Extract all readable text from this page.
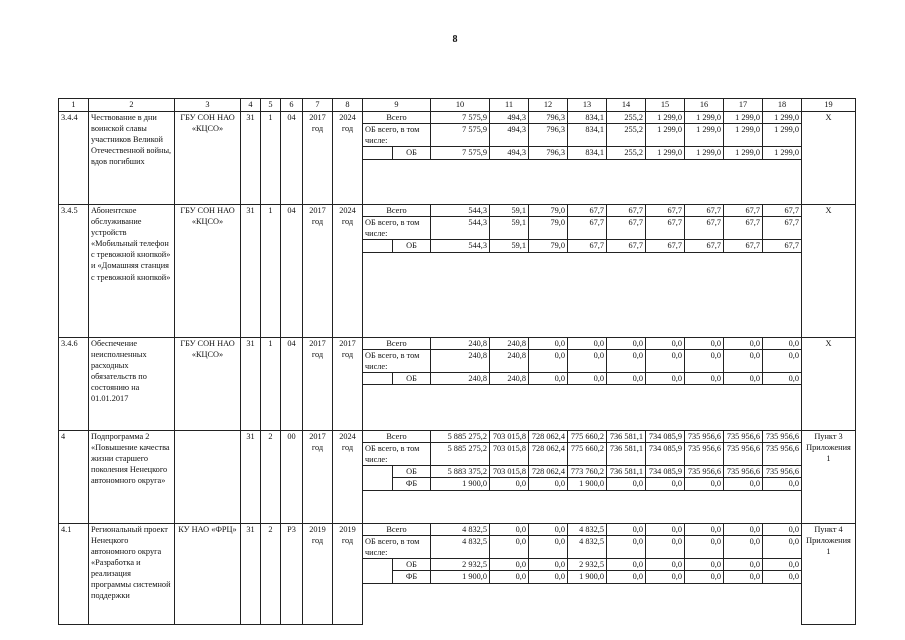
8
1	2	3	4	5	6	7	8	9		10	11	12	13	14	15	16	17	18	19
3.4.4	Чествование в дни воинской славы участников Великой Отечественной войны, вдов погибших	ГБУ СОН НАО «КЦСО»	31	1	04	2017 год	2024 год	Всего		7 575,9	494,3	796,3	834,1	255,2	1 299,0	1 299,0	1 299,0	1 299,0	X
								ОБ всего, в том числе:		7 575,9	494,3	796,3	834,1	255,2	1 299,0	1 299,0	1 299,0	1 299,0	
									ОБ	7 575,9	494,3	796,3	834,1	255,2	1 299,0	1 299,0	1 299,0	1 299,0	

3.4.5	Абонентское обслуживание устройств «Мобильный телефон с тревожной кнопкой» и «Домашняя станция с тревожной кнопкой»	ГБУ СОН НАО «КЦСО»	31	1	04	2017 год	2024 год	Всего		544,3	59,1	79,0	67,7	67,7	67,7	67,7	67,7	67,7	X
								ОБ всего, в том числе:		544,3	59,1	79,0	67,7	67,7	67,7	67,7	67,7	67,7	
									ОБ	544,3	59,1	79,0	67,7	67,7	67,7	67,7	67,7	67,7	

3.4.6	Обеспечение неисполненных расходных обязательств по состоянию на 01.01.2017	ГБУ СОН НАО «КЦСО»	31	1	04	2017 год	2017 год	Всего		240,8	240,8	0,0	0,0	0,0	0,0	0,0	0,0	0,0	X
								ОБ всего, в том числе:		240,8	240,8	0,0	0,0	0,0	0,0	0,0	0,0	0,0	
									ОБ	240,8	240,8	0,0	0,0	0,0	0,0	0,0	0,0	0,0	

4	Подпрограмма 2 «Повышение качества жизни старшего поколения Ненецкого автономного округа»		31	2	00	2017 год	2024 год	Всего		5 885 275,2	703 015,8	728 062,4	775 660,2	736 581,1	734 085,9	735 956,6	735 956,6	735 956,6	Пункт 3 Приложения 1
								ОБ всего, в том числе:		5 885 275,2	703 015,8	728 062,4	775 660,2	736 581,1	734 085,9	735 956,6	735 956,6	735 956,6	
									ОБ	5 883 375,2	703 015,8	728 062,4	773 760,2	736 581,1	734 085,9	735 956,6	735 956,6	735 956,6	
									ФБ	1 900,0	0,0	0,0	1 900,0	0,0	0,0	0,0	0,0	0,0	

4.1	Региональный проект Ненецкого автономного округа «Разработка и реализация программы системной поддержки	КУ НАО «ФРЦ»	31	2	Р3	2019 год	2019 год	Всего		4 832,5	0,0	0,0	4 832,5	0,0	0,0	0,0	0,0	0,0	Пункт 4 Приложения 1
								ОБ всего, в том числе:		4 832,5	0,0	0,0	4 832,5	0,0	0,0	0,0	0,0	0,0	
									ОБ	2 932,5	0,0	0,0	2 932,5	0,0	0,0	0,0	0,0	0,0	
									ФБ	1 900,0	0,0	0,0	1 900,0	0,0	0,0	0,0	0,0	0,0	
